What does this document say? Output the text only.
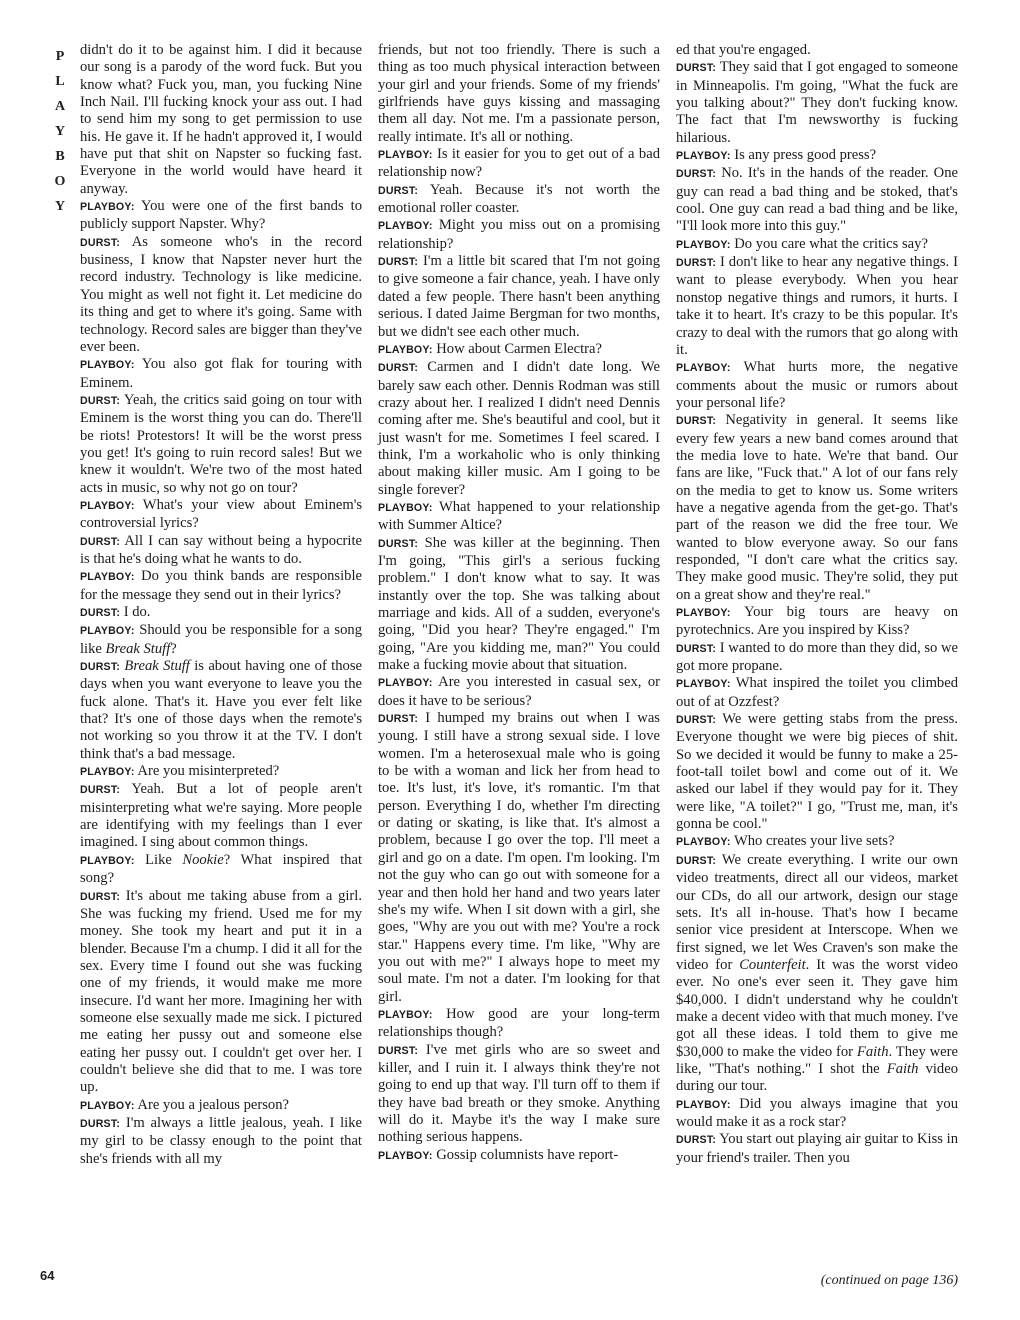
P
L
A
Y
B
O
Y

didn't do it to be against him. I did it because our song is a parody of the word fuck. But you know what? Fuck you, man, you fucking Nine Inch Nail. I'll fucking knock your ass out. I had to send him my song to get permission to use his. He gave it. If he hadn't approved it, I would have put that shit on Napster so fucking fast. Everyone in the world would have heard it anyway.

PLAYBOY: You were one of the first bands to publicly support Napster. Why?

DURST: As someone who's in the record business, I know that Napster never hurt the record industry. Technology is like medicine. You might as well not fight it. Let medicine do its thing and get to where it's going. Same with technology. Record sales are bigger than they've ever been.

PLAYBOY: You also got flak for touring with Eminem.

DURST: Yeah, the critics said going on tour with Eminem is the worst thing you can do. There'll be riots! Protestors! It will be the worst press you get! It's going to ruin record sales! But we knew it wouldn't. We're two of the most hated acts in music, so why not go on tour?

PLAYBOY: What's your view about Eminem's controversial lyrics?

DURST: All I can say without being a hypocrite is that he's doing what he wants to do.

PLAYBOY: Do you think bands are responsible for the message they send out in their lyrics?

DURST: I do.

PLAYBOY: Should you be responsible for a song like Break Stuff?

DURST: Break Stuff is about having one of those days when you want everyone to leave you the fuck alone. That's it. Have you ever felt like that? It's one of those days when the remote's not working so you throw it at the TV. I don't think that's a bad message.

PLAYBOY: Are you misinterpreted?

DURST: Yeah. But a lot of people aren't misinterpreting what we're saying. More people are identifying with my feelings than I ever imagined. I sing about common things.

PLAYBOY: Like Nookie? What inspired that song?

DURST: It's about me taking abuse from a girl. She was fucking my friend. Used me for my money. She took my heart and put it in a blender. Because I'm a chump. I did it all for the sex. Every time I found out she was fucking one of my friends, it would make me more insecure. I'd want her more. Imagining her with someone else sexually made me sick. I pictured me eating her pussy out and someone else eating her pussy out. I couldn't get over her. I couldn't believe she did that to me. I was tore up.

PLAYBOY: Are you a jealous person?

DURST: I'm always a little jealous, yeah. I like my girl to be classy enough to the point that she's friends with all my

friends, but not too friendly. There is such a thing as too much physical interaction between your girl and your friends. Some of my friends' girlfriends have guys kissing and massaging them all day. Not me. I'm a passionate person, really intimate. It's all or nothing.

PLAYBOY: Is it easier for you to get out of a bad relationship now?

DURST: Yeah. Because it's not worth the emotional roller coaster.

PLAYBOY: Might you miss out on a promising relationship?

DURST: I'm a little bit scared that I'm not going to give someone a fair chance, yeah. I have only dated a few people. There hasn't been anything serious. I dated Jaime Bergman for two months, but we didn't see each other much.

PLAYBOY: How about Carmen Electra?

DURST: Carmen and I didn't date long. We barely saw each other. Dennis Rodman was still crazy about her. I realized I didn't need Dennis coming after me. She's beautiful and cool, but it just wasn't for me. Sometimes I feel scared. I think, I'm a workaholic who is only thinking about making killer music. Am I going to be single forever?

PLAYBOY: What happened to your relationship with Summer Altice?

DURST: She was killer at the beginning. Then I'm going, "This girl's a serious fucking problem." I don't know what to say. It was instantly over the top. She was talking about marriage and kids. All of a sudden, everyone's going, "Did you hear? They're engaged." I'm going, "Are you kidding me, man?" You could make a fucking movie about that situation.

PLAYBOY: Are you interested in casual sex, or does it have to be serious?

DURST: I humped my brains out when I was young. I still have a strong sexual side. I love women. I'm a heterosexual male who is going to be with a woman and lick her from head to toe. It's lust, it's love, it's romantic. I'm that person. Everything I do, whether I'm directing or dating or skating, is like that. It's almost a problem, because I go over the top. I'll meet a girl and go on a date. I'm open. I'm looking. I'm not the guy who can go out with someone for a year and then hold her hand and two years later she's my wife. When I sit down with a girl, she goes, "Why are you out with me? You're a rock star." Happens every time. I'm like, "Why are you out with me?" I always hope to meet my soul mate. I'm not a dater. I'm looking for that girl.

PLAYBOY: How good are your long-term relationships though?

DURST: I've met girls who are so sweet and killer, and I ruin it. I always think they're not going to end up that way. I'll turn off to them if they have bad breath or they smoke. Anything will do it. Maybe it's the way I make sure nothing serious happens.

PLAYBOY: Gossip columnists have report-

ed that you're engaged.

DURST: They said that I got engaged to someone in Minneapolis. I'm going, "What the fuck are you talking about?" They don't fucking know. The fact that I'm newsworthy is fucking hilarious.

PLAYBOY: Is any press good press?

DURST: No. It's in the hands of the reader. One guy can read a bad thing and be stoked, that's cool. One guy can read a bad thing and be like, "I'll look more into this guy."

PLAYBOY: Do you care what the critics say?

DURST: I don't like to hear any negative things. I want to please everybody. When you hear nonstop negative things and rumors, it hurts. I take it to heart. It's crazy to be this popular. It's crazy to deal with the rumors that go along with it.

PLAYBOY: What hurts more, the negative comments about the music or rumors about your personal life?

DURST: Negativity in general. It seems like every few years a new band comes around that the media love to hate. We're that band. Our fans are like, "Fuck that." A lot of our fans rely on the media to get to know us. Some writers have a negative agenda from the get-go. That's part of the reason we did the free tour. We wanted to blow everyone away. So our fans responded, "I don't care what the critics say. They make good music. They're solid, they put on a great show and they're real."

PLAYBOY: Your big tours are heavy on pyrotechnics. Are you inspired by Kiss?

DURST: I wanted to do more than they did, so we got more propane.

PLAYBOY: What inspired the toilet you climbed out of at Ozzfest?

DURST: We were getting stabs from the press. Everyone thought we were big pieces of shit. So we decided it would be funny to make a 25-foot-tall toilet bowl and come out of it. We asked our label if they would pay for it. They were like, "A toilet?" I go, "Trust me, man, it's gonna be cool."

PLAYBOY: Who creates your live sets?

DURST: We create everything. I write our own video treatments, direct all our videos, market our CDs, do all our artwork, design our stage sets. It's all in-house. That's how I became senior vice president at Interscope. When we first signed, we let Wes Craven's son make the video for Counterfeit. It was the worst video ever. No one's ever seen it. They gave him $40,000. I didn't understand why he couldn't make a decent video with that much money. I've got all these ideas. I told them to give me $30,000 to make the video for Faith. They were like, "That's nothing." I shot the Faith video during our tour.

PLAYBOY: Did you always imagine that you would make it as a rock star?

DURST: You start out playing air guitar to Kiss in your friend's trailer. Then you

64	(continued on page 136)
